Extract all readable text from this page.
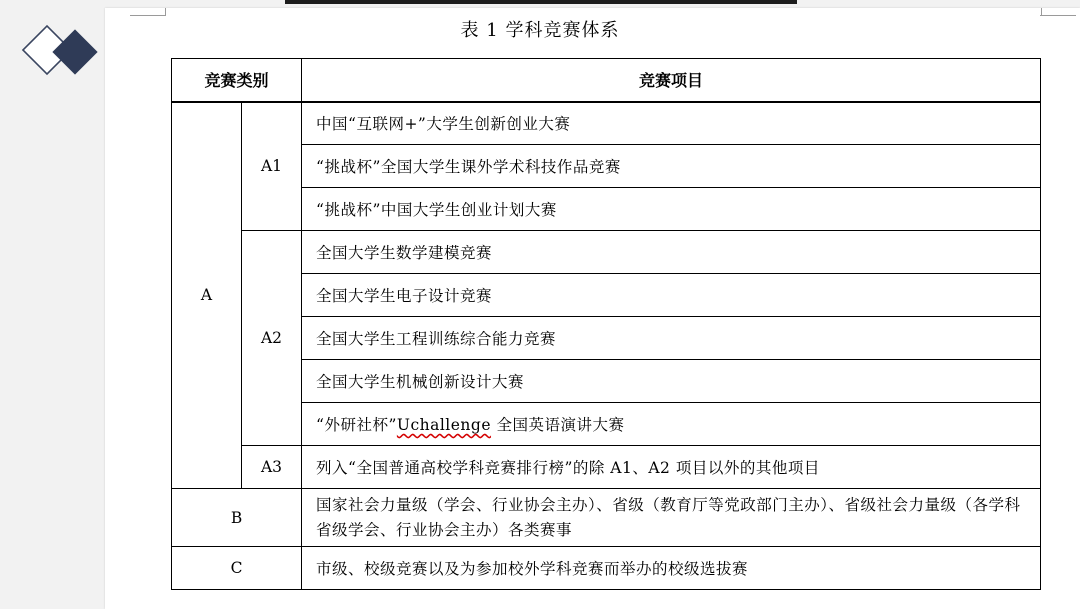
表 1 学科竞赛体系
竞赛类别		竞赛项目
A	A1	中国“互联网+”大学生创新创业大赛
		“挑战杯”全国大学生课外学术科技作品竞赛
		“挑战杯”中国大学生创业计划大赛
	A2	全国大学生数学建模竞赛
		全国大学生电子设计竞赛
		全国大学生工程训练综合能力竞赛
		全国大学生机械创新设计大赛
		“外研社杯”Uchallenge 全国英语演讲大赛
	A3	列入“全国普通高校学科竞赛排行榜”的除 A1、A2 项目以外的其他项目
B		国家社会力量级（学会、行业协会主办）、省级（教育厅等党政部门主办）、省级社会力量级（各学科省级学会、行业协会主办）各类赛事
C		市级、校级竞赛以及为参加校外学科竞赛而举办的校级选拔赛
